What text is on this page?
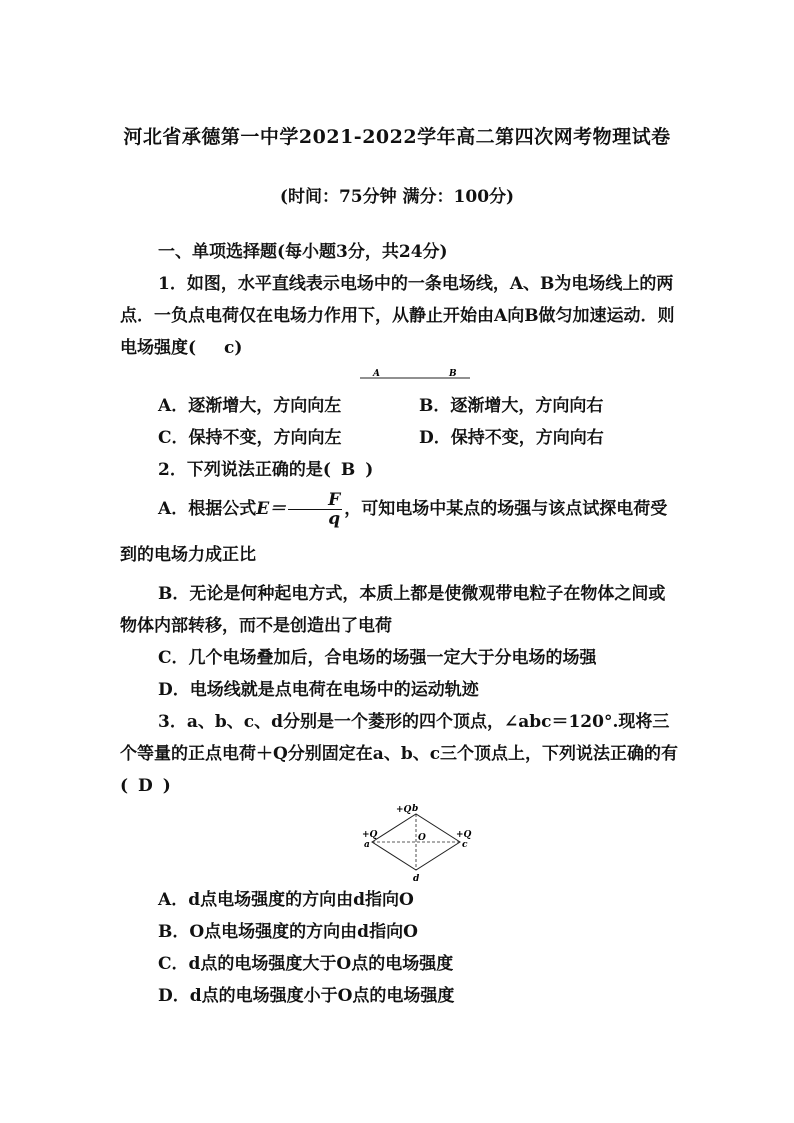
河北省承德第一中学2021-2022学年高二第四次网考物理试卷
(时间：75分钟 满分：100分)

一、单项选择题(每小题3分，共24分)

1．如图，水平直线表示电场中的一条电场线，A、B为电场线上的两点．一负点电荷仅在电场力作用下，从静止开始由A向B做匀加速运动．则电场强度( c)

A	B
A．逐渐增大，方向向左	B．逐渐增大，方向向右
C．保持不变，方向向左	D．保持不变，方向向右

2．下列说法正确的是( B )

A．根据公式$E= \frac{F}{q}$ ，可知电场中某点的场强与该点试探电荷受到的电场力成正比

B．无论是何种起电方式，本质上都是使微观带电粒子在物体之间或物体内部转移，而不是创造出了电荷

C．几个电场叠加后，合电场的场强一定大于分电场的场强

D．电场线就是点电荷在电场中的运动轨迹

3．a、b、c、d分别是一个菱形的四个顶点，∠abc＝120°.现将三个等量的正点电荷＋Q分别固定在a、b、c三个顶点上，下列说法正确的有( D )

+Q b
+Q
a
+Q
c
O
d

A．d点电场强度的方向由d指向O

B．O点电场强度的方向由d指向O

C．d点的电场强度大于O点的电场强度

D．d点的电场强度小于O点的电场强度
